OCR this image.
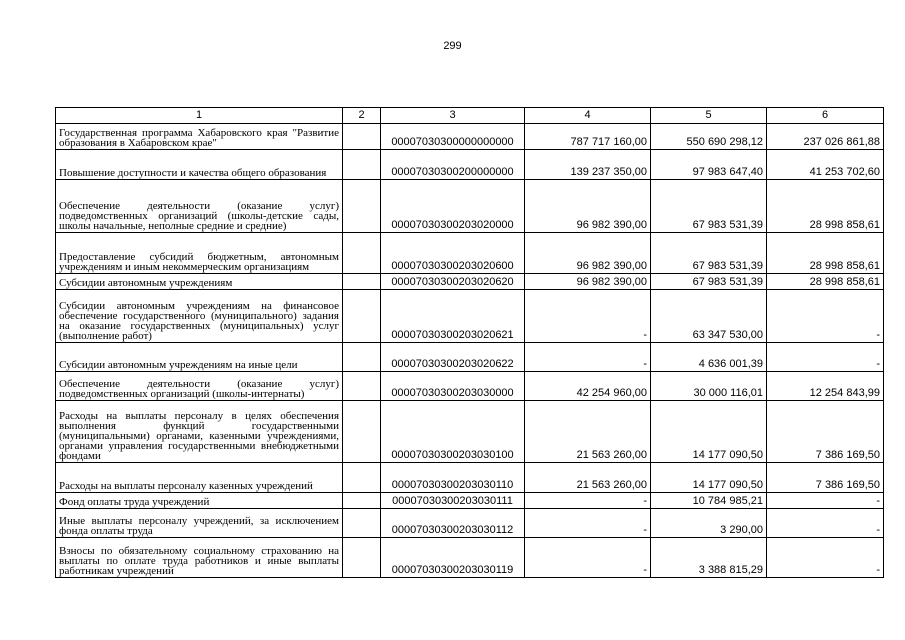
299
1	2	3	4	5	6
Государственная программа Хабаровского края "Развитие образования в Хабаровском крае"		00007030300000000000	787 717 160,00	550 690 298,12	237 026 861,88
Повышение доступности и качества общего образования		00007030300200000000	139 237 350,00	97 983 647,40	41 253 702,60
Обеспечение деятельности (оказание услуг) подведомственных организаций (школы-детские сады, школы начальные, неполные средние и средние)		00007030300203020000	96 982 390,00	67 983 531,39	28 998 858,61
Предоставление субсидий бюджетным, автономным учреждениям и иным некоммерческим организациям		00007030300203020600	96 982 390,00	67 983 531,39	28 998 858,61
Субсидии автономным учреждениям		00007030300203020620	96 982 390,00	67 983 531,39	28 998 858,61
Субсидии автономным учреждениям на финансовое обеспечение государственного (муниципального) задания на оказание государственных (муниципальных) услуг (выполнение работ)		00007030300203020621	-	63 347 530,00	-
Субсидии автономным учреждениям на иные цели		00007030300203020622	-	4 636 001,39	-
Обеспечение деятельности (оказание услуг) подведомственных организаций (школы-интернаты)		00007030300203030000	42 254 960,00	30 000 116,01	12 254 843,99
Расходы на выплаты персоналу в целях обеспечения выполнения функций государственными (муниципальными) органами, казенными учреждениями, органами управления государственными внебюджетными фондами		00007030300203030100	21 563 260,00	14 177 090,50	7 386 169,50
Расходы на выплаты персоналу казенных учреждений		00007030300203030110	21 563 260,00	14 177 090,50	7 386 169,50
Фонд оплаты труда учреждений		00007030300203030111	-	10 784 985,21	-
Иные выплаты персоналу учреждений, за исключением фонда оплаты труда		00007030300203030112	-	3 290,00	-
Взносы по обязательному социальному страхованию на выплаты по оплате труда работников и иные выплаты работникам учреждений		00007030300203030119	-	3 388 815,29	-
